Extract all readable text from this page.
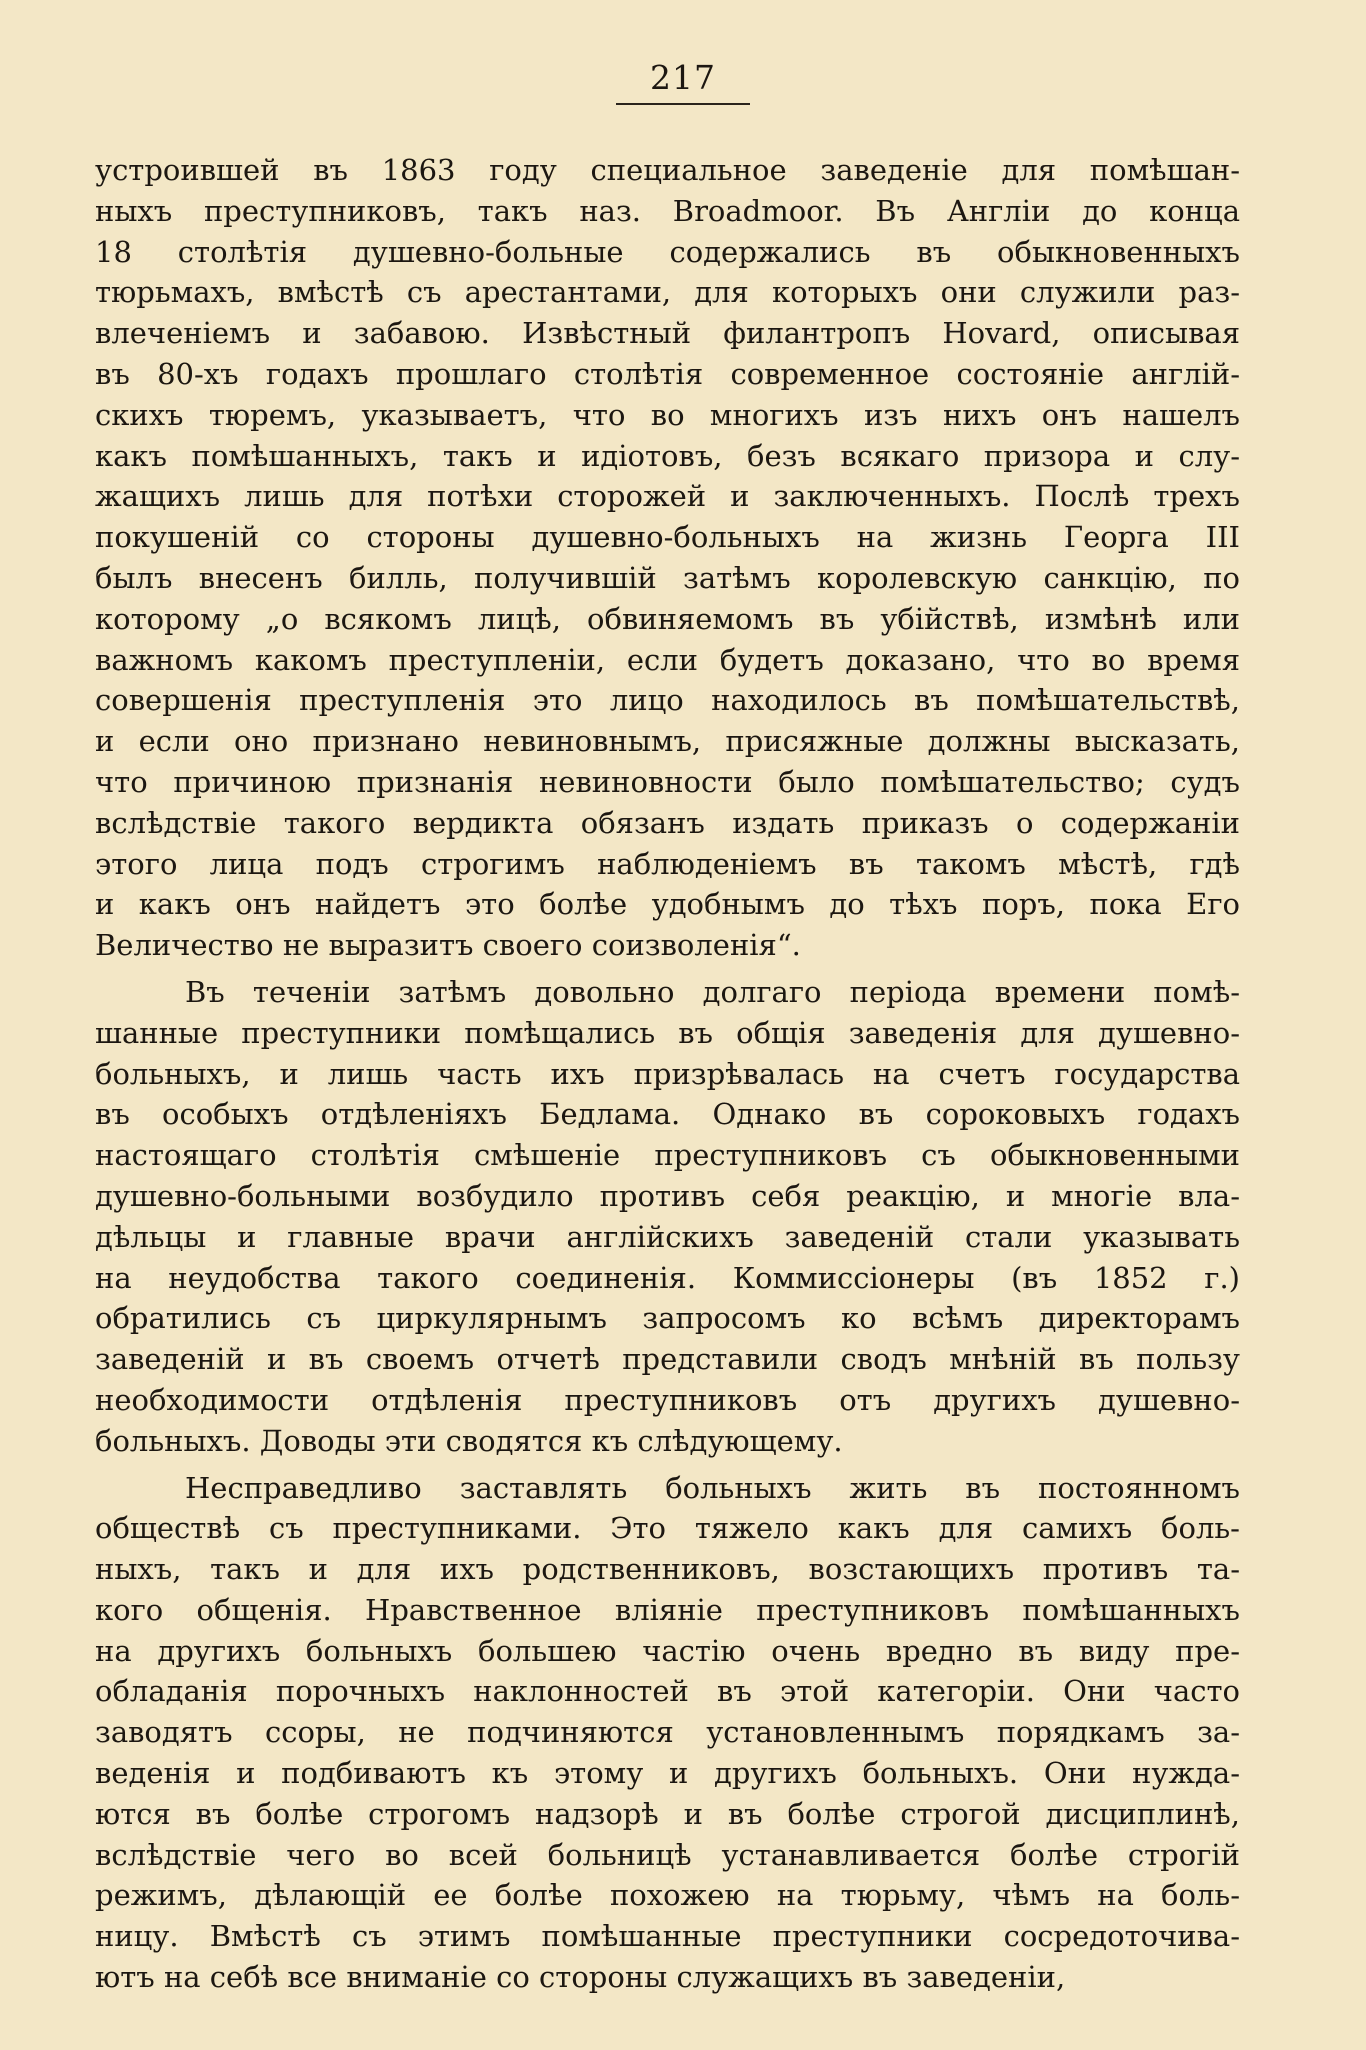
217
устроившей въ 1863 году специальное заведеніе для помѣшан-
ныхъ преступниковъ, такъ наз. Broadmoor. Въ Англіи до конца
18 столѣтія душевно-больные содержались въ обыкновенныхъ
тюрьмахъ, вмѣстѣ съ арестантами, для которыхъ они служили раз-
влеченіемъ и забавою. Извѣстный филантропъ Hovard, описывая
въ 80-хъ годахъ прошлаго столѣтія современное состояніе англій-
скихъ тюремъ, указываетъ, что во многихъ изъ нихъ онъ нашелъ
какъ помѣшанныхъ, такъ и идіотовъ, безъ всякаго призора и слу-
жащихъ лишь для потѣхи сторожей и заключенныхъ. Послѣ трехъ
покушеній со стороны душевно-больныхъ на жизнь Георга III
былъ внесенъ билль, получившій затѣмъ королевскую санкцію, по
которому „о всякомъ лицѣ, обвиняемомъ въ убійствѣ, измѣнѣ или
важномъ какомъ преступленіи, если будетъ доказано, что во время
совершенія преступленія это лицо находилось въ помѣшательствѣ,
и если оно признано невиновнымъ, присяжные должны высказать,
что причиною признанія невиновности было помѣшательство; судъ
вслѣдствіе такого вердикта обязанъ издать приказъ о содержаніи
этого лица подъ строгимъ наблюденіемъ въ такомъ мѣстѣ, гдѣ
и какъ онъ найдетъ это болѣе удобнымъ до тѣхъ поръ, пока Его
Величество не выразитъ своего соизволенія“.
Въ теченіи затѣмъ довольно долгаго періода времени помѣ-
шанные преступники помѣщались въ общія заведенія для душевно-
больныхъ, и лишь часть ихъ призрѣвалась на счетъ государства
въ особыхъ отдѣленіяхъ Бедлама. Однако въ сороковыхъ годахъ
настоящаго столѣтія смѣшеніе преступниковъ съ обыкновенными
душевно-больными возбудило противъ себя реакцію, и многіе вла-
дѣльцы и главные врачи англійскихъ заведеній стали указывать
на неудобства такого соединенія. Коммиссіонеры (въ 1852 г.)
обратились съ циркулярнымъ запросомъ ко всѣмъ директорамъ
заведеній и въ своемъ отчетѣ представили сводъ мнѣній въ пользу
необходимости отдѣленія преступниковъ отъ другихъ душевно-
больныхъ. Доводы эти сводятся къ слѣдующему.
Несправедливо заставлять больныхъ жить въ постоянномъ
обществѣ съ преступниками. Это тяжело какъ для самихъ боль-
ныхъ, такъ и для ихъ родственниковъ, возстающихъ противъ та-
кого общенія. Нравственное вліяніе преступниковъ помѣшанныхъ
на другихъ больныхъ большею частію очень вредно въ виду пре-
обладанія порочныхъ наклонностей въ этой категоріи. Они часто
заводятъ ссоры, не подчиняются установленнымъ порядкамъ за-
веденія и подбиваютъ къ этому и другихъ больныхъ. Они нужда-
ются въ болѣе строгомъ надзорѣ и въ болѣе строгой дисциплинѣ,
вслѣдствіе чего во всей больницѣ устанавливается болѣе строгій
режимъ, дѣлающій ее болѣе похожею на тюрьму, чѣмъ на боль-
ницу. Вмѣстѣ съ этимъ помѣшанные преступники сосредоточива-
ютъ на себѣ все вниманіе со стороны служащихъ въ заведеніи,
